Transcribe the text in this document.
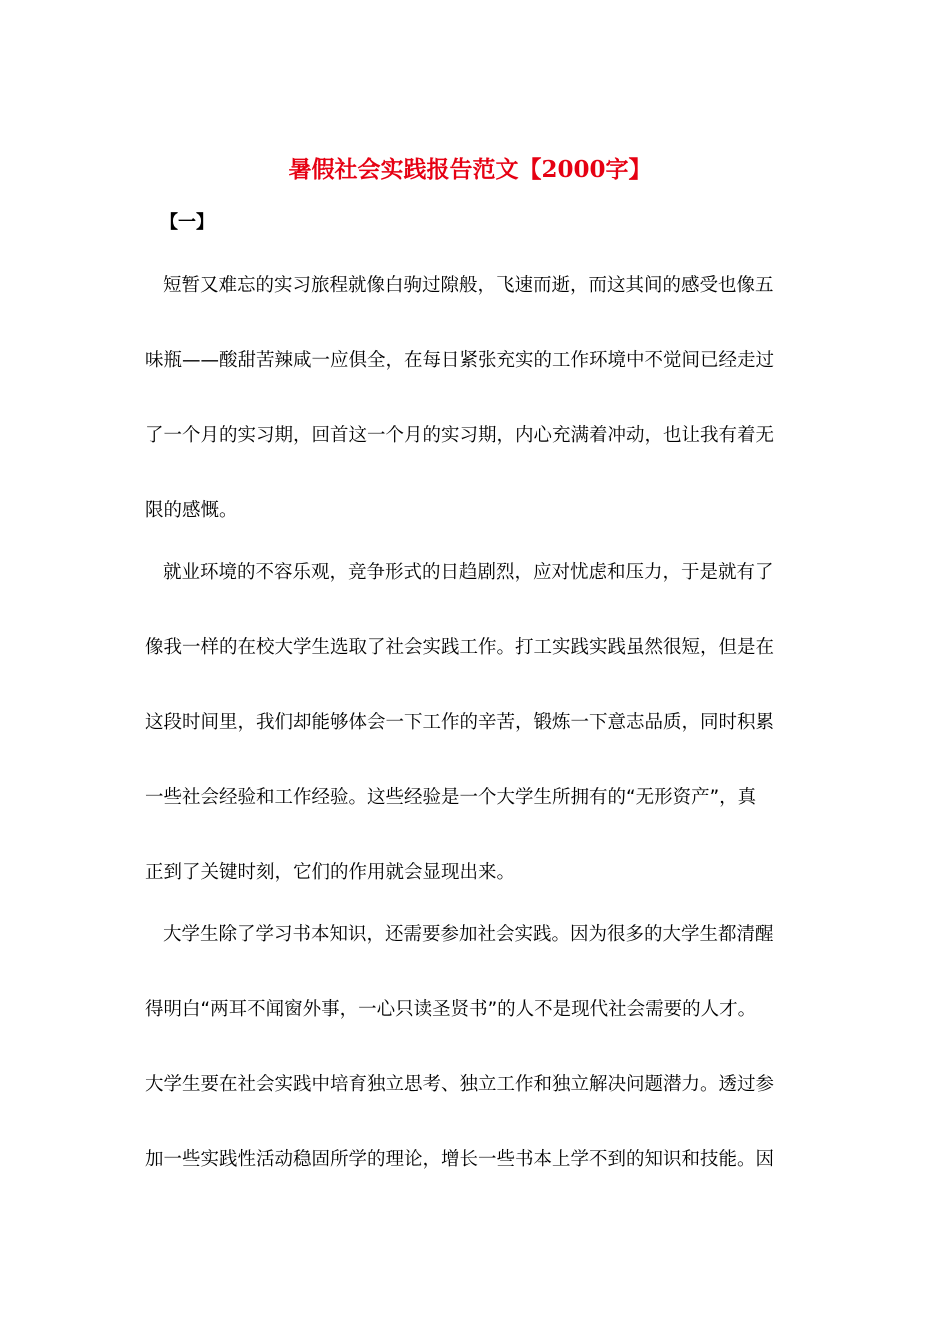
暑假社会实践报告范文【2000字】
【一】
短暂又难忘的实习旅程就像白驹过隙般，飞速而逝，而这其间的感受也像五
味瓶——酸甜苦辣咸一应俱全，在每日紧张充实的工作环境中不觉间已经走过
了一个月的实习期，回首这一个月的实习期，内心充满着冲动，也让我有着无
限的感慨。
就业环境的不容乐观，竞争形式的日趋剧烈，应对忧虑和压力，于是就有了
像我一样的在校大学生选取了社会实践工作。打工实践实践虽然很短，但是在
这段时间里，我们却能够体会一下工作的辛苦，锻炼一下意志品质，同时积累
一些社会经验和工作经验。这些经验是一个大学生所拥有的“无形资产”，真
正到了关键时刻，它们的作用就会显现出来。
大学生除了学习书本知识，还需要参加社会实践。因为很多的大学生都清醒
得明白“两耳不闻窗外事，一心只读圣贤书”的人不是现代社会需要的人才。
大学生要在社会实践中培育独立思考、独立工作和独立解决问题潜力。透过参
加一些实践性活动稳固所学的理论，增长一些书本上学不到的知识和技能。因
